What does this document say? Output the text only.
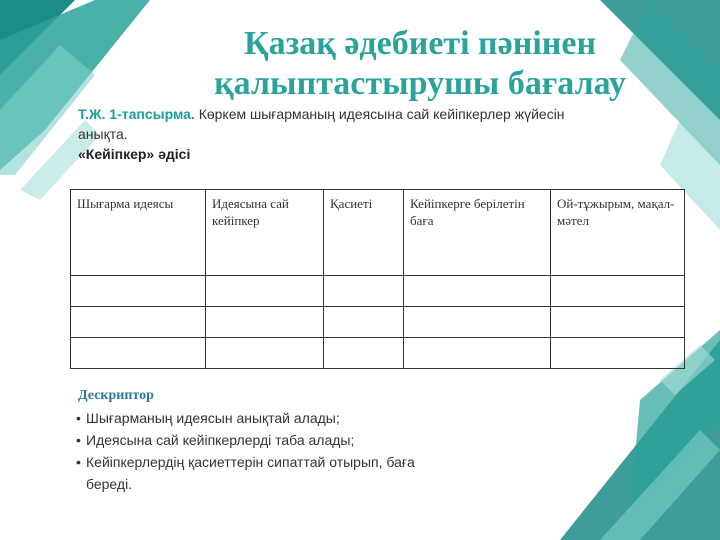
Қазақ әдебиеті пәнінен
қалыптастырушы бағалау
Т.Ж. 1-тапсырма. Көркем шығарманың идеясына сай кейіпкерлер жүйесін анықта.
«Кейіпкер» әдісі
Шығарма идеясы	Идеясына сай кейіпкер	Қасиеті	Кейіпкерге берілетін баға	Ой-тұжырым, мақал-мәтел

Дескриптор
• Шығарманың идеясын анықтай алады;
• Идеясына сай кейіпкерлерді таба алады;
• Кейіпкерлердің қасиеттерін сипаттай отырып, баға береді.
